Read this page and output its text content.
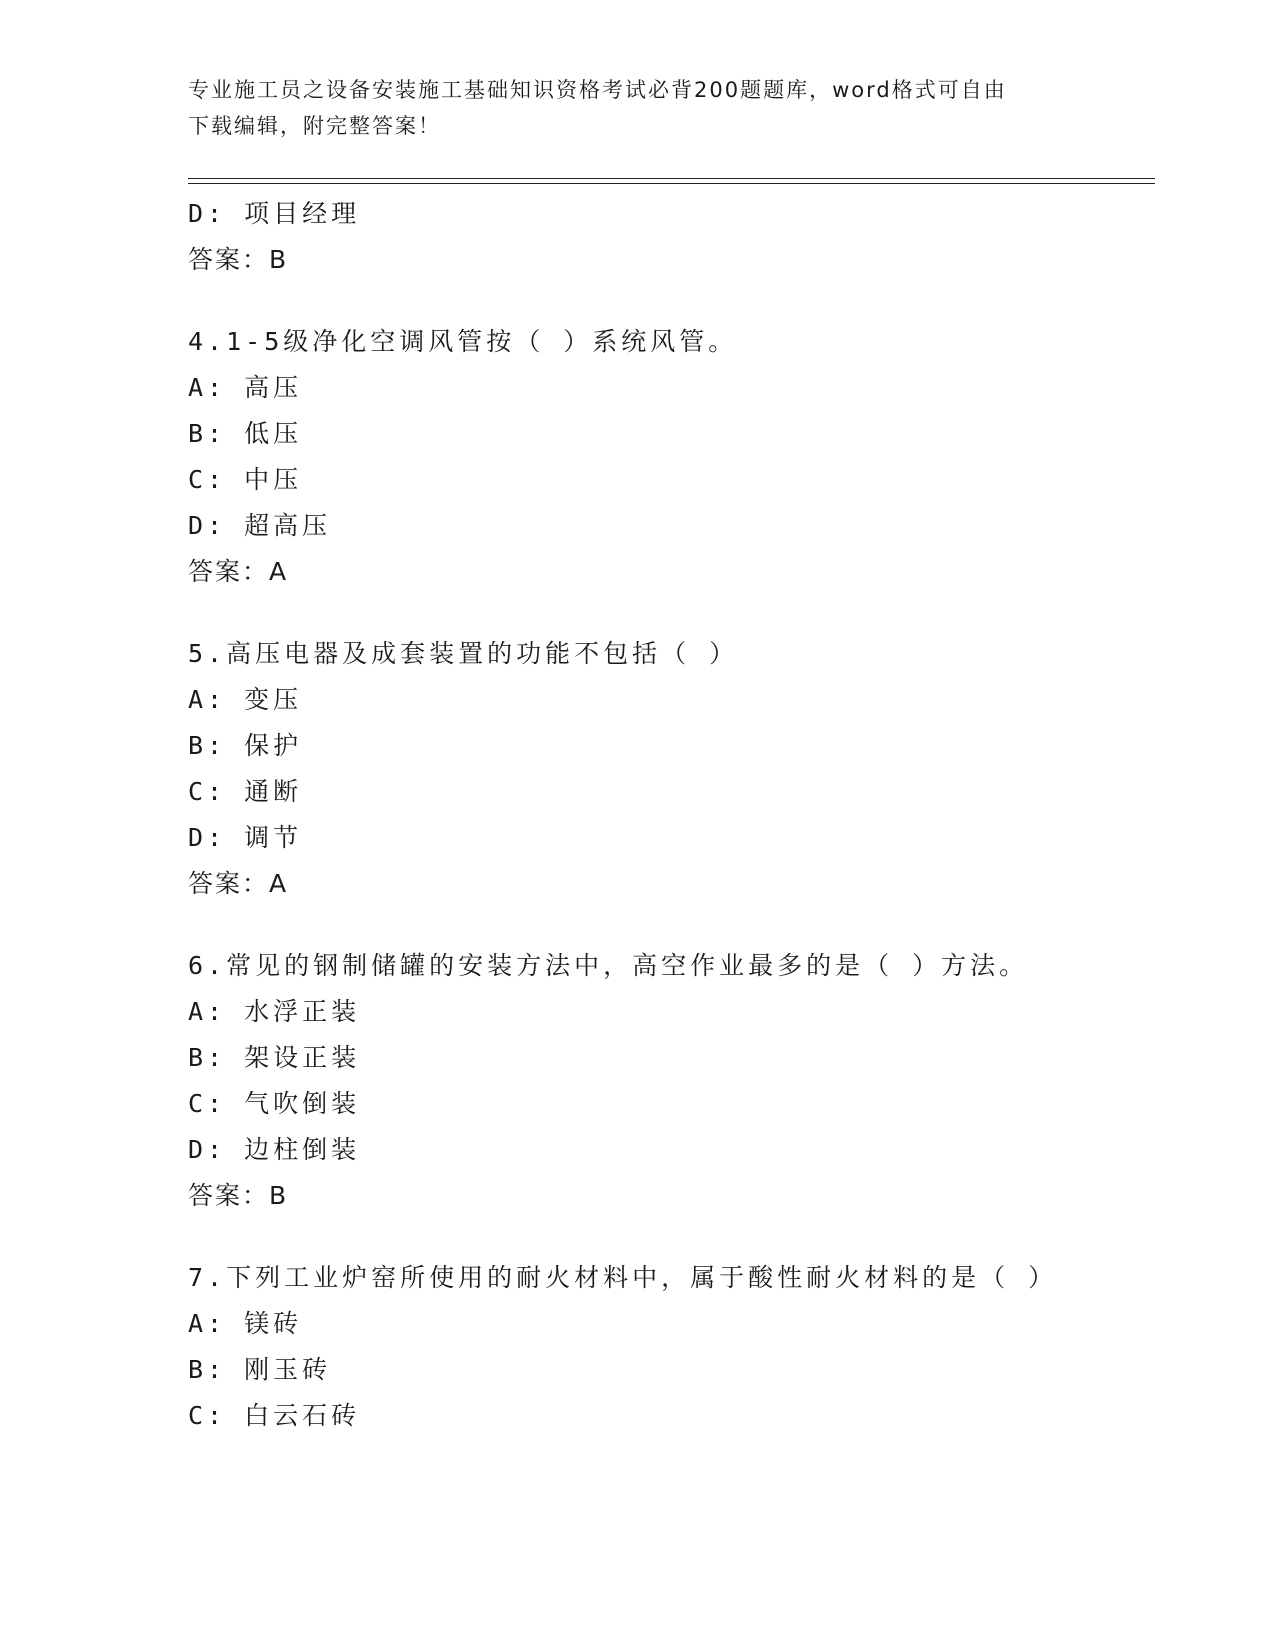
专业施工员之设备安装施工基础知识资格考试必背200题题库，word格式可自由
下载编辑，附完整答案！
D: 项目经理
答案：B
4.1-5级净化空调风管按（ ）系统风管。
A: 高压
B: 低压
C: 中压
D: 超高压
答案：A
5.高压电器及成套装置的功能不包括（ ）
A: 变压
B: 保护
C: 通断
D: 调节
答案：A
6.常见的钢制储罐的安装方法中，高空作业最多的是（ ）方法。
A: 水浮正装
B: 架设正装
C: 气吹倒装
D: 边柱倒装
答案：B
7.下列工业炉窑所使用的耐火材料中，属于酸性耐火材料的是（ ）
A: 镁砖
B: 刚玉砖
C: 白云石砖
